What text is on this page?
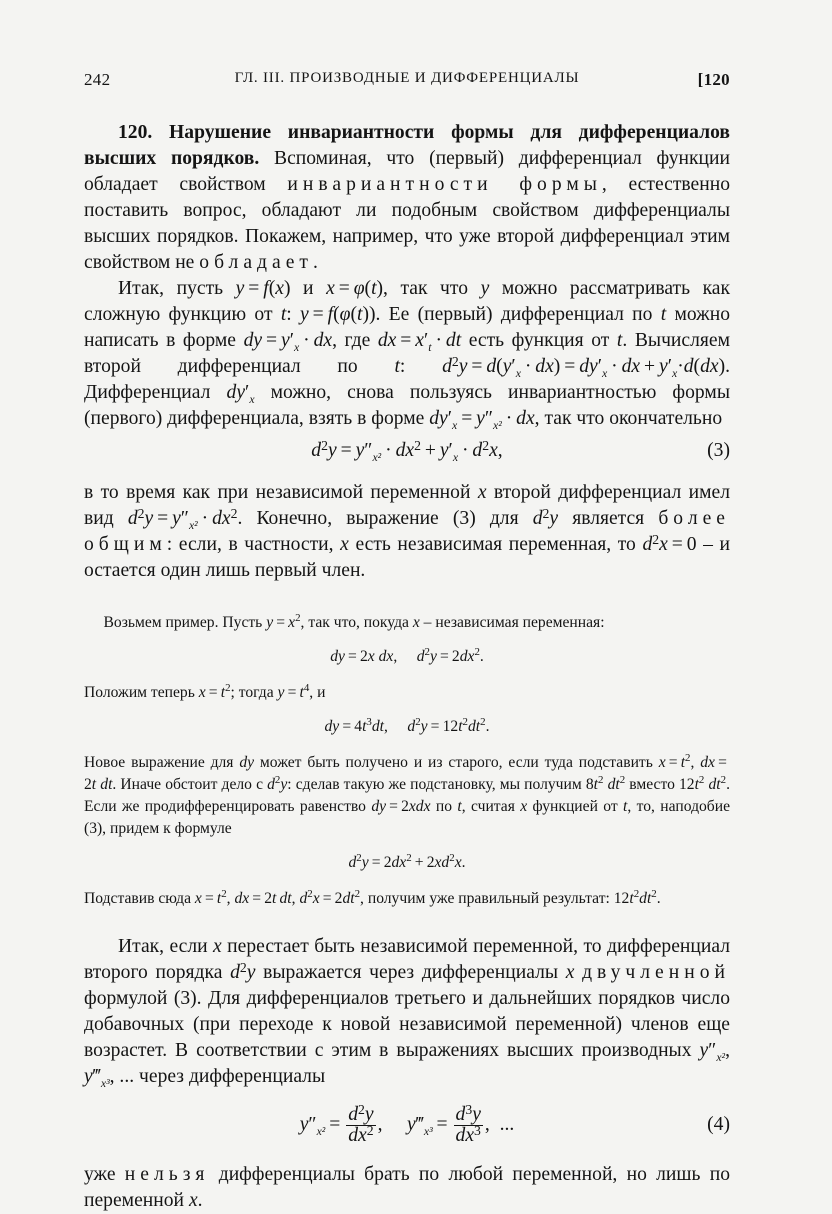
242	ГЛ. III. ПРОИЗВОДНЫЕ И ДИФФЕРЕНЦИАЛЫ	[120

120. Нарушение инвариантности формы для дифференциалов высших порядков. Вспоминая, что (первый) дифференциал функции обладает свойством инвариантности формы, естественно поставить вопрос, обладают ли подобным свойством дифференциалы высших порядков. Покажем, например, что уже второй дифференциал этим свойством не обладает.

Итак, пусть y = f(x) и x = φ(t), так что y можно рассматривать как сложную функцию от t: y = f(φ(t)). Ее (первый) дифференциал по t можно написать в форме dy = $y'_x$ · dx, где dx = $x'_t$ · dt есть функция от t. Вычисляем второй дифференциал по t: $d^2y = d(y'_x \cdot dx) = dy'_x$ · dx + $y'_x\cdot d(dx)$. Дифференциал $dy'_x$ можно, снова пользуясь инвариантностью формы (первого) дифференциала, взять в форме $dy'_x = y''_{x^2}$ · dx, так что окончательно

$d^2y = y''_{x^2} \cdot dx^2 + y'_x \cdot d^2x$,	(3)

в то время как при независимой переменной x второй дифференциал имел вид $d^2y = y''_{x^2} \cdot dx^2$. Конечно, выражение (3) для $d^2y$ является более общим: если, в частности, x есть независимая переменная, то $d^2x = 0 - и$ остается один лишь первый член.

Возьмем пример. Пусть $y = x^2$, так что, покуда x – независимая переменная:

dy = 2x dx,     $d^2y = 2dx^2$.

Положим теперь $x = t^2$; тогда $y = t^4$, и

dy = $4t^3dt$,     $d^2y = 12t^2dt^2$.

Новое выражение для dy может быть получено и из старого, если туда подставить $x = t^2$, dx = 2t dt. Иначе обстоит дело с $d^2y$: сделав такую же подстановку, мы получим $8t^2$ $dt^2$ вместо $12t^2$ $dt^2$. Если же продифференцировать равенство dy = 2xdx по t, считая x функцией от t, то, наподобие (3), придем к формуле

$d^2y = 2dx^2 + 2xd^2x$.

Подставив сюда $x = t^2$, dx = 2t  dt, $d^2x = 2dt^2$, получим уже правильный результат: $12t^2dt^2$.

Итак, если x перестает быть независимой переменной, то дифференциал второго порядка $d^2y$ выражается через дифференциалы x двучленной формулой (3). Для дифференциалов третьего и дальнейших порядков число добавочных (при переходе к новой независимой переменной) членов еще возрастет. В соответствии с этим в выражениях высших производных $y''_{x^2}$, $y‴_{x^3}$, ... через дифференциалы

$y''_{x^2} = \frac{d^2y}{dx^2}$ ,     $y‴_{x^3} = \frac{d^3y}{dx^3}$ ,  ...	(4)

уже нельзя дифференциалы брать по любой переменной, но лишь по переменной x.
